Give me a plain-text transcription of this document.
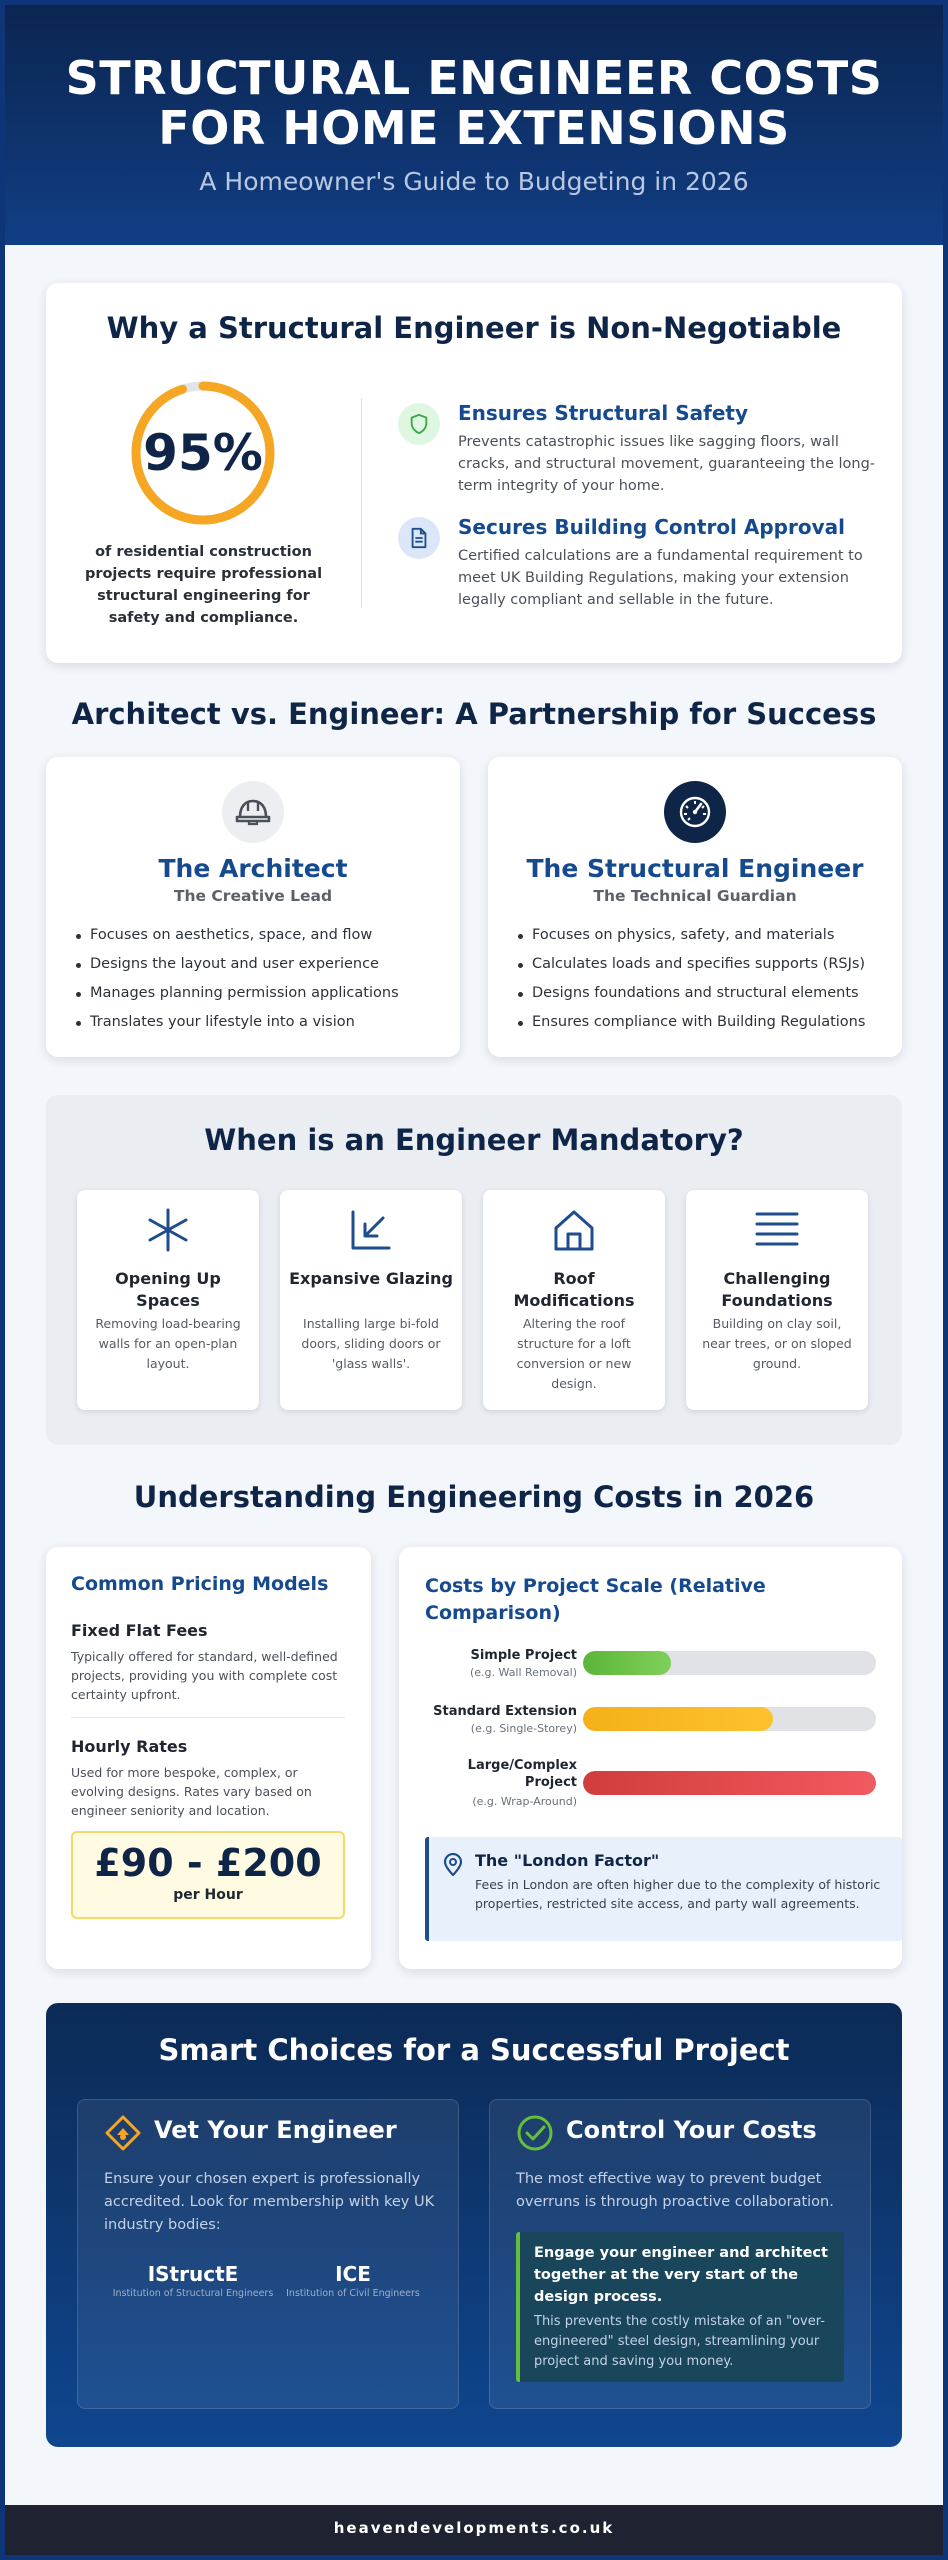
STRUCTURAL ENGINEER COSTS
FOR HOME EXTENSIONS
A Homeowner's Guide to Budgeting in 2026
Why a Structural Engineer is Non-Negotiable
95%
of residential construction projects require professional structural engineering for safety and compliance.
Ensures Structural Safety
Prevents catastrophic issues like sagging floors, wall cracks, and structural movement, guaranteeing the long-term integrity of your home.
Secures Building Control Approval
Certified calculations are a fundamental requirement to meet UK Building Regulations, making your extension legally compliant and sellable in the future.
Architect vs. Engineer: A Partnership for Success
The Architect
The Creative Lead
Focuses on aesthetics, space, and flow
Designs the layout and user experience
Manages planning permission applications
Translates your lifestyle into a vision
The Structural Engineer
The Technical Guardian
Focuses on physics, safety, and materials
Calculates loads and specifies supports (RSJs)
Designs foundations and structural elements
Ensures compliance with Building Regulations
When is an Engineer Mandatory?
Opening Up Spaces
Removing load-bearing walls for an open-plan layout.
Expansive Glazing
Installing large bi-fold doors, sliding doors or 'glass walls'.
Roof Modifications
Altering the roof structure for a loft conversion or new design.
Challenging Foundations
Building on clay soil, near trees, or on sloped ground.
Understanding Engineering Costs in 2026
Common Pricing Models
Fixed Flat Fees
Typically offered for standard, well-defined projects, providing you with complete cost certainty upfront.
Hourly Rates
Used for more bespoke, complex, or evolving designs. Rates vary based on engineer seniority and location.
£90 - £200
per Hour
Costs by Project Scale (Relative
Comparison)
Simple Project
(e.g. Wall Removal)
Standard Extension
(e.g. Single-Storey)
Large/Complex Project
(e.g. Wrap-Around)
The "London Factor"
Fees in London are often higher due to the complexity of historic properties, restricted site access, and party wall agreements.
Smart Choices for a Successful Project
Vet Your Engineer
Ensure your chosen expert is professionally accredited. Look for membership with key UK industry bodies:
IStructE
Institution of Structural Engineers
ICE
Institution of Civil Engineers
Control Your Costs
The most effective way to prevent budget overruns is through proactive collaboration.
Engage your engineer and architect together at the very start of the design process.
This prevents the costly mistake of an "over-engineered" steel design, streamlining your project and saving you money.
heavendevelopments.co.uk
